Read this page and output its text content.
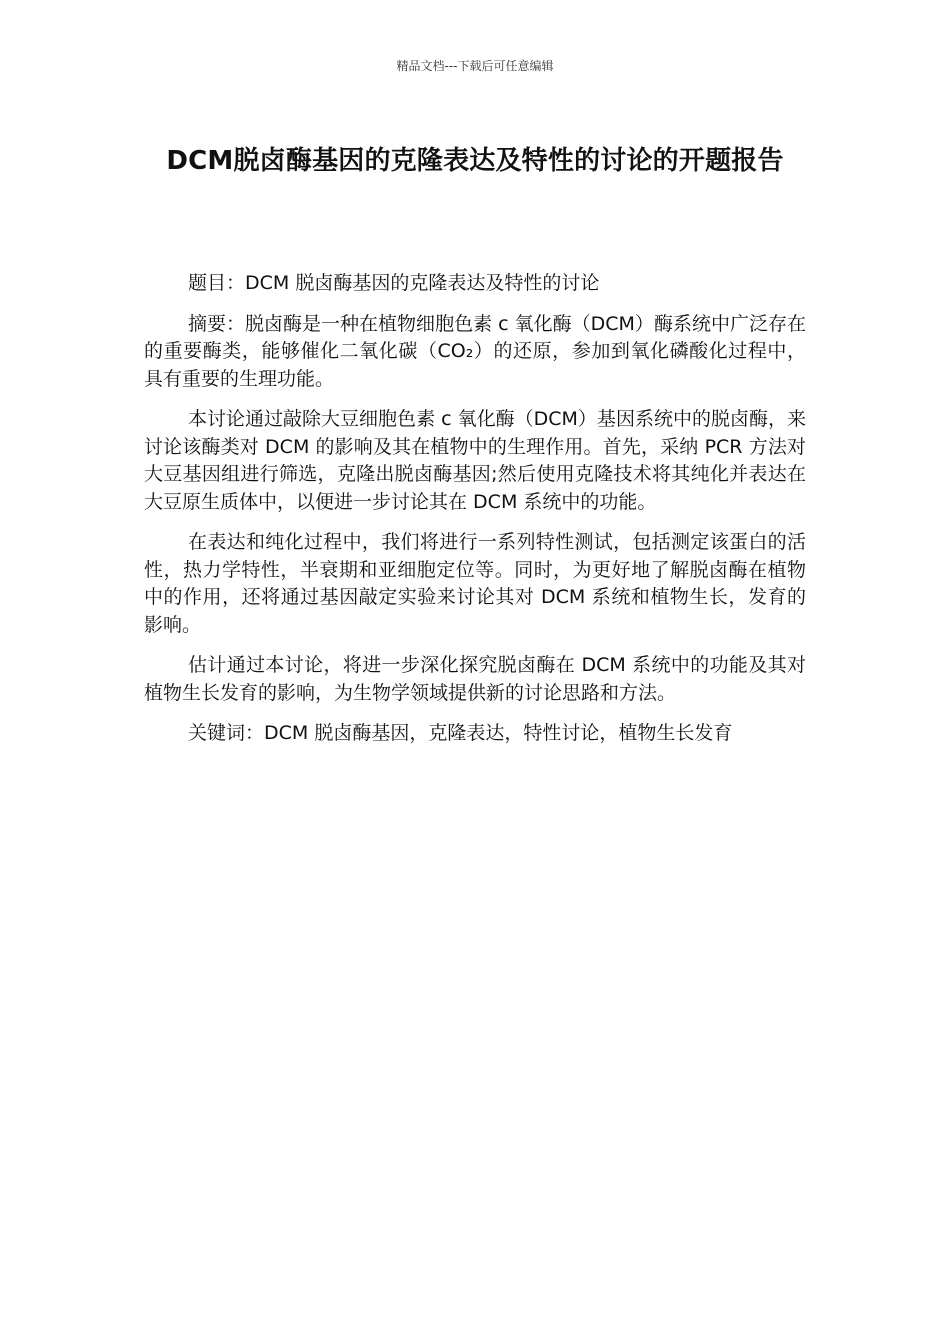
精品文档---下载后可任意编辑
DCM脱卤酶基因的克隆表达及特性的讨论的开题报告

题目：DCM 脱卤酶基因的克隆表达及特性的讨论

摘要：脱卤酶是一种在植物细胞色素 c 氧化酶（DCM）酶系统中广泛存在的重要酶类，能够催化二氧化碳（CO₂）的还原，参加到氧化磷酸化过程中，具有重要的生理功能。

本讨论通过敲除大豆细胞色素 c 氧化酶（DCM）基因系统中的脱卤酶，来讨论该酶类对 DCM 的影响及其在植物中的生理作用。首先，采纳 PCR 方法对大豆基因组进行筛选，克隆出脱卤酶基因;然后使用克隆技术将其纯化并表达在大豆原生质体中，以便进一步讨论其在 DCM 系统中的功能。

在表达和纯化过程中，我们将进行一系列特性测试，包括测定该蛋白的活性，热力学特性，半衰期和亚细胞定位等。同时，为更好地了解脱卤酶在植物中的作用，还将通过基因敲定实验来讨论其对 DCM 系统和植物生长，发育的影响。

估计通过本讨论，将进一步深化探究脱卤酶在 DCM 系统中的功能及其对植物生长发育的影响，为生物学领域提供新的讨论思路和方法。

关键词：DCM 脱卤酶基因，克隆表达，特性讨论，植物生长发育
